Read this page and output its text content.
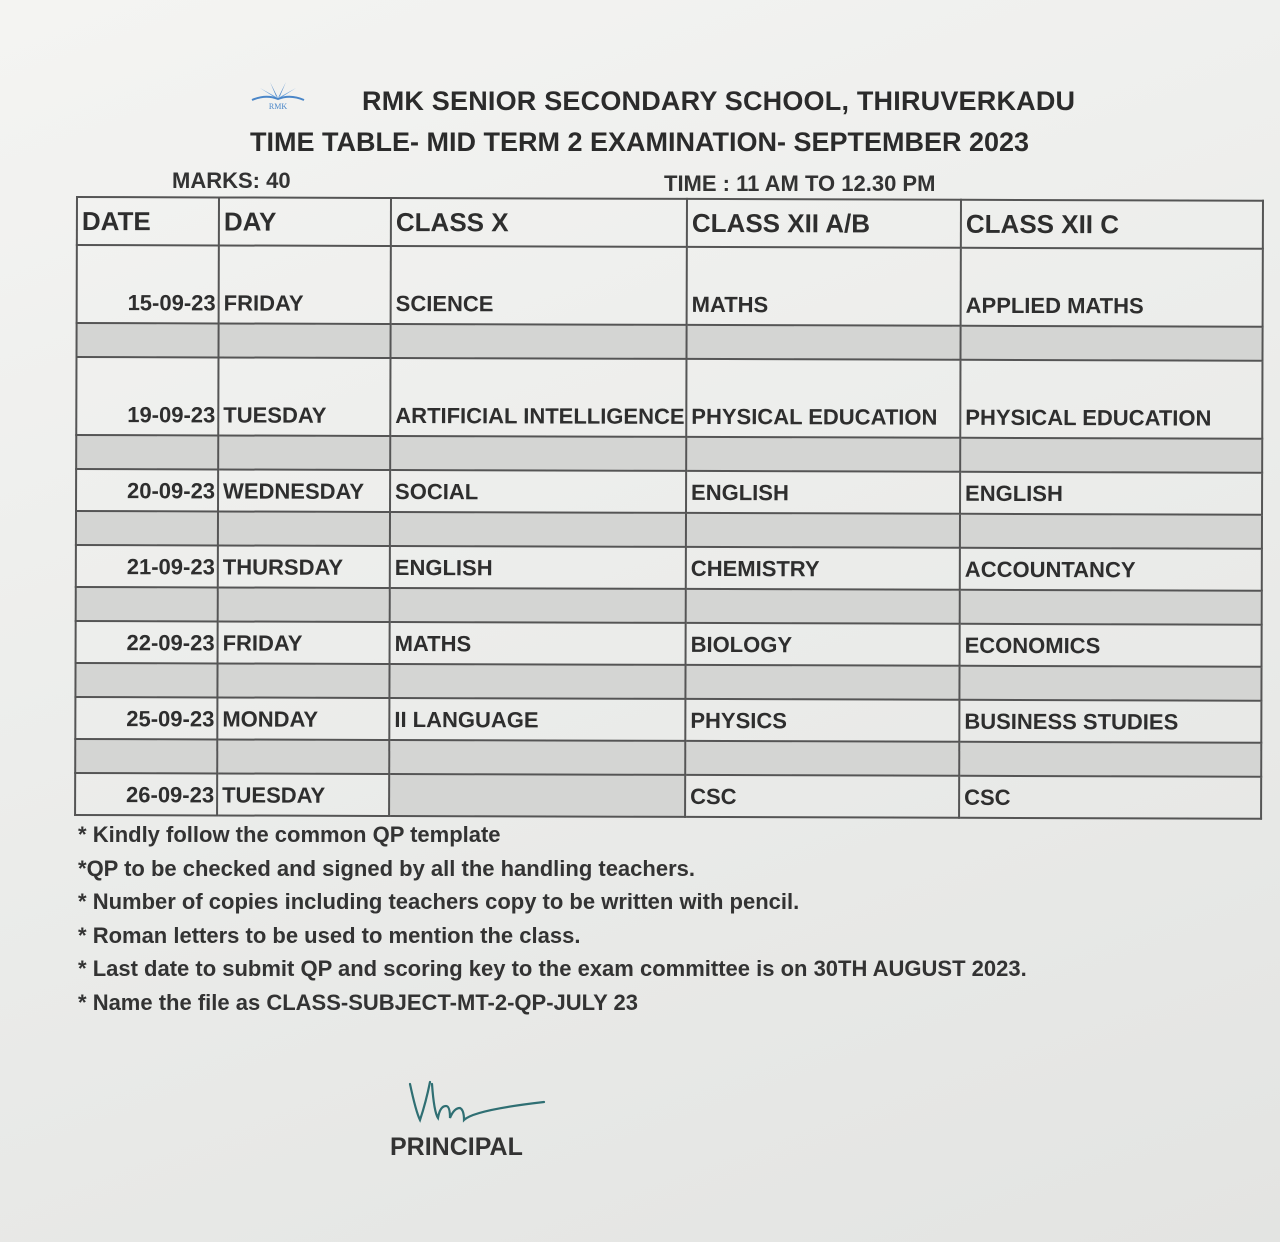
RMK	RMK SENIOR SECONDARY SCHOOL, THIRUVERKADU
TIME TABLE- MID TERM 2 EXAMINATION- SEPTEMBER 2023
MARKS: 40	TIME : 11 AM TO 12.30 PM
DATE	DAY	CLASS X	CLASS XII A/B	CLASS XII C
15-09-23	FRIDAY	SCIENCE	MATHS	APPLIED MATHS

19-09-23	TUESDAY	ARTIFICIAL INTELLIGENCE	PHYSICAL EDUCATION	PHYSICAL EDUCATION

20-09-23	WEDNESDAY	SOCIAL	ENGLISH	ENGLISH

21-09-23	THURSDAY	ENGLISH	CHEMISTRY	ACCOUNTANCY

22-09-23	FRIDAY	MATHS	BIOLOGY	ECONOMICS

25-09-23	MONDAY	II LANGUAGE	PHYSICS	BUSINESS STUDIES

26-09-23	TUESDAY		CSC	CSC
* Kindly follow the common QP template
* QP to be checked and signed by all the handling teachers.
* Number of copies including teachers copy to be written with pencil.
* Roman letters to be used to mention the class.
* Last date to submit QP and scoring key to the exam committee is on 30TH AUGUST 2023.
* Name the file as CLASS-SUBJECT-MT-2-QP-JULY 23
PRINCIPAL
